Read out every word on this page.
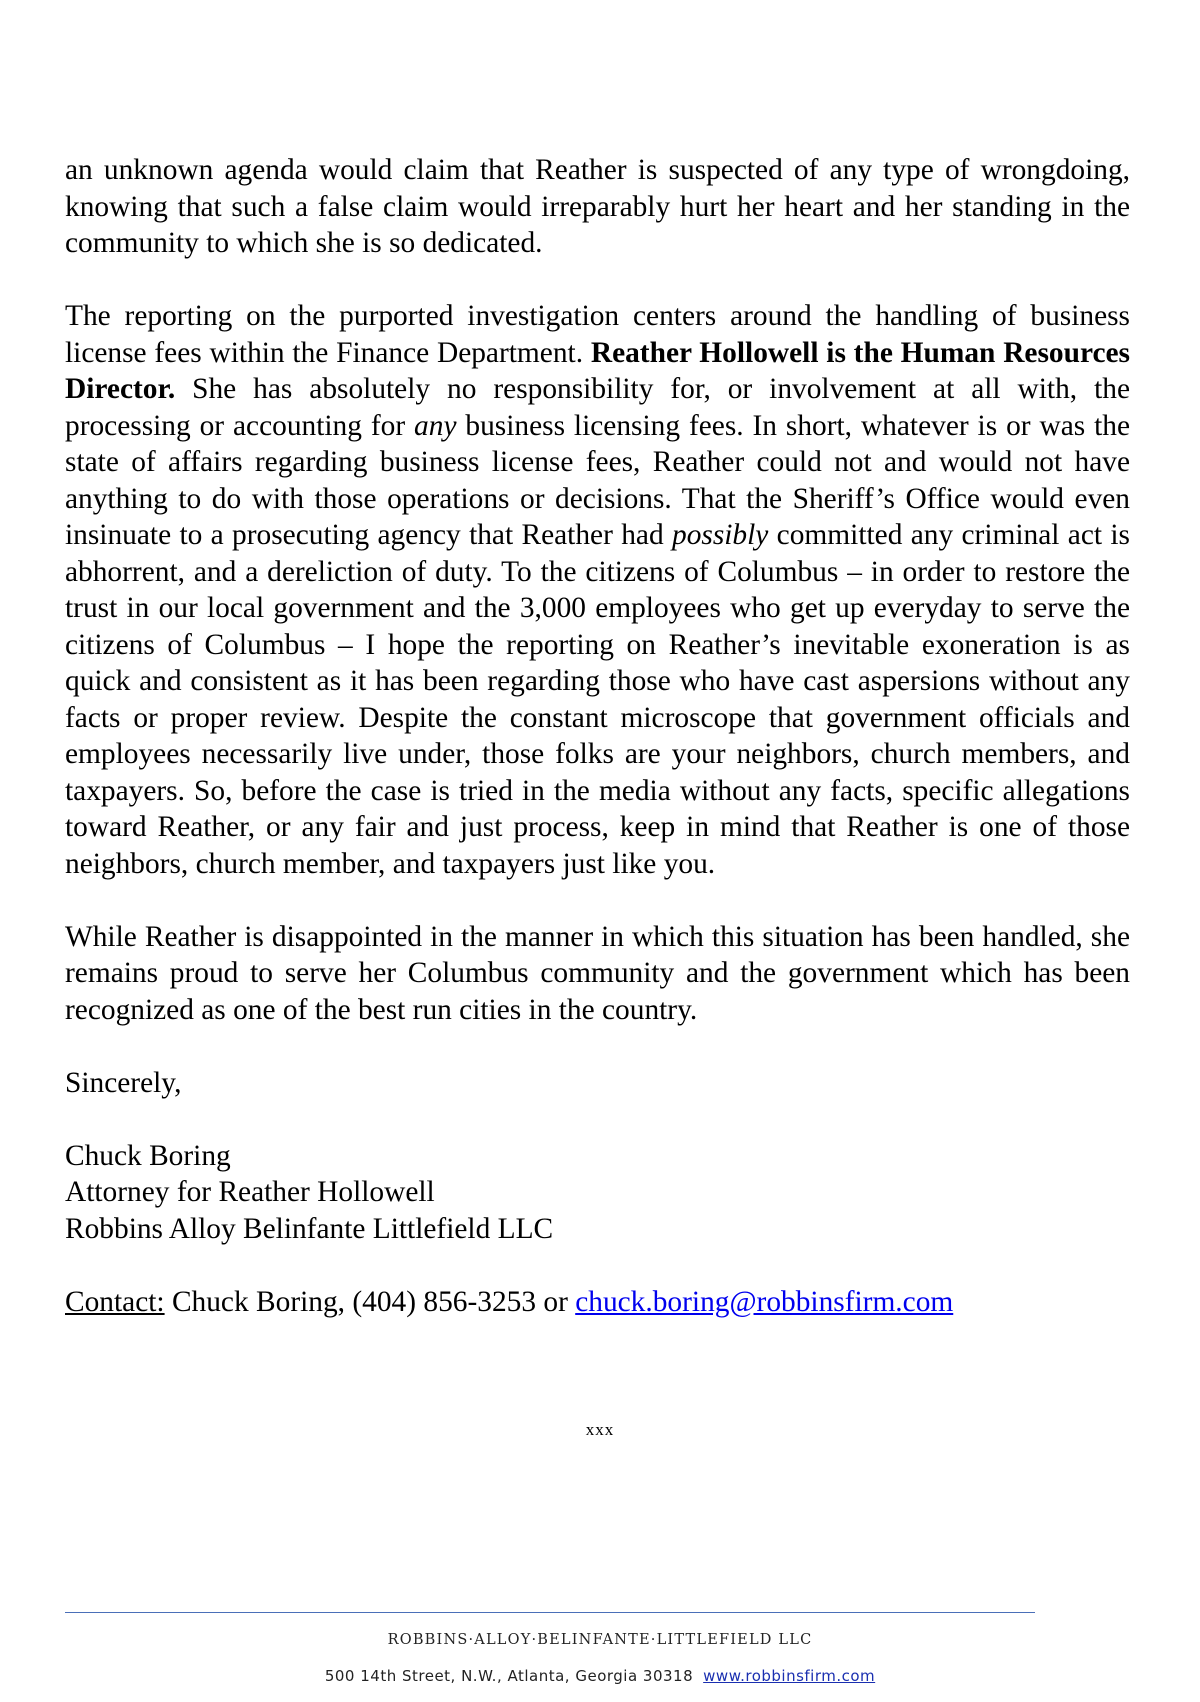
an unknown agenda would claim that Reather is suspected of any type of wrongdoing, knowing that such a false claim would irreparably hurt her heart and her standing in the community to which she is so dedicated.

The reporting on the purported investigation centers around the handling of business license fees within the Finance Department. Reather Hollowell is the Human Resources Director. She has absolutely no responsibility for, or involvement at all with, the processing or accounting for any business licensing fees. In short, whatever is or was the state of affairs regarding business license fees, Reather could not and would not have anything to do with those operations or decisions. That the Sheriff’s Office would even insinuate to a prosecuting agency that Reather had possibly committed any criminal act is abhorrent, and a dereliction of duty. To the citizens of Columbus – in order to restore the trust in our local government and the 3,000 employees who get up everyday to serve the citizens of Columbus – I hope the reporting on Reather’s inevitable exoneration is as quick and consistent as it has been regarding those who have cast aspersions without any facts or proper review. Despite the constant microscope that government officials and employees necessarily live under, those folks are your neighbors, church members, and taxpayers. So, before the case is tried in the media without any facts, specific allegations toward Reather, or any fair and just process, keep in mind that Reather is one of those neighbors, church member, and taxpayers just like you.

While Reather is disappointed in the manner in which this situation has been handled, she remains proud to serve her Columbus community and the government which has been recognized as one of the best run cities in the country.

Sincerely,

Chuck Boring
Attorney for Reather Hollowell
Robbins Alloy Belinfante Littlefield LLC

Contact: Chuck Boring, (404) 856-3253 or chuck.boring@robbinsfirm.com

xxx
ROBBINS·ALLOY·BELINFANTE·LITTLEFIELD LLC
500 14th Street, N.W., Atlanta, Georgia 30318 www.robbinsfirm.com
